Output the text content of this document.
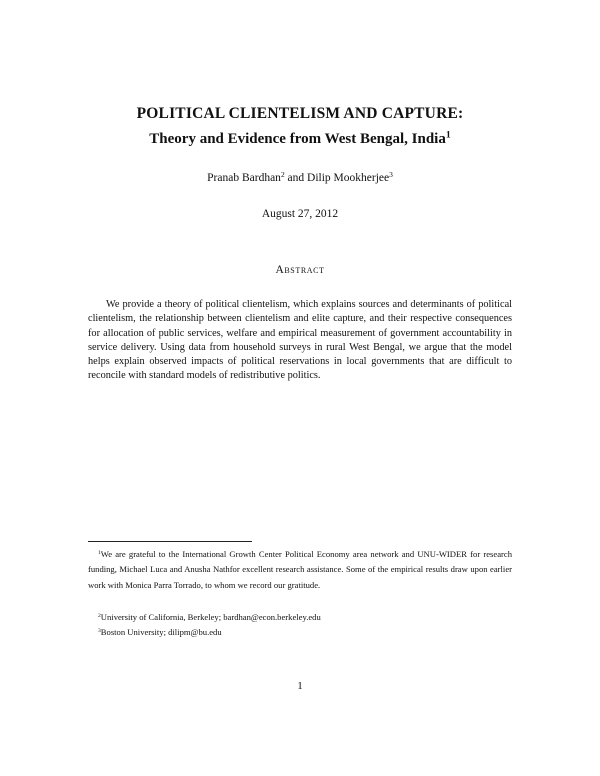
POLITICAL CLIENTELISM AND CAPTURE:
Theory and Evidence from West Bengal, India$^1$
Pranab Bardhan$^2$ and Dilip Mookherjee$^3$
August 27, 2012
Abstract

We provide a theory of political clientelism, which explains sources and determinants of political clientelism, the relationship between clientelism and elite capture, and their respective consequences for allocation of public services, welfare and empirical measurement of government accountability in service delivery. Using data from household surveys in rural West Bengal, we argue that the model helps explain observed impacts of political reservations in local governments that are difficult to reconcile with standard models of redistributive politics.

$^1$We are grateful to the International Growth Center Political Economy area network and UNU-WIDER for research funding, Michael Luca and Anusha Nathfor excellent research assistance. Some of the empirical results draw upon earlier work with Monica Parra Torrado, to whom we record our gratitude.

$^2$University of California, Berkeley; bardhan@econ.berkeley.edu

$^3$Boston University; dilipm@bu.edu

1
